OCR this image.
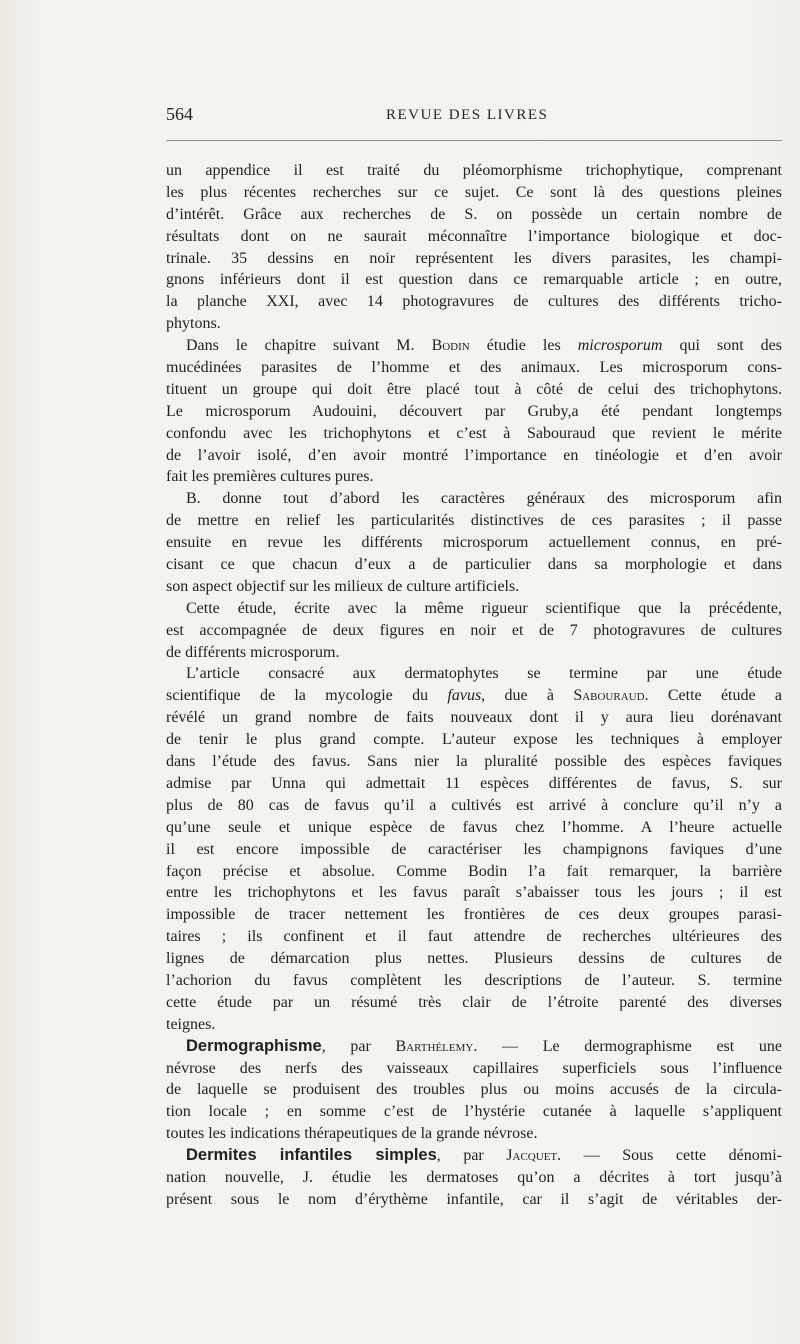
564	REVUE DES LIVRES
un appendice il est traité du pléomorphisme trichophytique, comprenant
les plus récentes recherches sur ce sujet. Ce sont là des questions pleines
d’intérêt. Grâce aux recherches de S. on possède un certain nombre de
résultats dont on ne saurait méconnaître l’importance biologique et doc-
trinale. 35 dessins en noir représentent les divers parasites, les champi-
gnons inférieurs dont il est question dans ce remarquable article ; en outre,
la planche XXI, avec 14 photogravures de cultures des différents tricho-
phytons.
Dans le chapitre suivant M. Bodin étudie les microsporum qui sont des
mucédinées parasites de l’homme et des animaux. Les microsporum cons-
tituent un groupe qui doit être placé tout à côté de celui des trichophytons.
Le microsporum Audouini, découvert par Gruby,a été pendant longtemps
confondu avec les trichophytons et c’est à Sabouraud que revient le mérite
de l’avoir isolé, d’en avoir montré l’importance en tinéologie et d’en avoir
fait les premières cultures pures.
B. donne tout d’abord les caractères généraux des microsporum afin
de mettre en relief les particularités distinctives de ces parasites ; il passe
ensuite en revue les différents microsporum actuellement connus, en pré-
cisant ce que chacun d’eux a de particulier dans sa morphologie et dans
son aspect objectif sur les milieux de culture artificiels.
Cette étude, écrite avec la même rigueur scientifique que la précédente,
est accompagnée de deux figures en noir et de 7 photogravures de cultures
de différents microsporum.
L’article consacré aux dermatophytes se termine par une étude
scientifique de la mycologie du favus, due à Sabouraud. Cette étude a
révélé un grand nombre de faits nouveaux dont il y aura lieu dorénavant
de tenir le plus grand compte. L’auteur expose les techniques à employer
dans l’étude des favus. Sans nier la pluralité possible des espèces faviques
admise par Unna qui admettait 11 espèces différentes de favus, S. sur
plus de 80 cas de favus qu’il a cultivés est arrivé à conclure qu’il n’y a
qu’une seule et unique espèce de favus chez l’homme. A l’heure actuelle
il est encore impossible de caractériser les champignons faviques d’une
façon précise et absolue. Comme Bodin l’a fait remarquer, la barrière
entre les trichophytons et les favus paraît s’abaisser tous les jours ; il est
impossible de tracer nettement les frontières de ces deux groupes parasi-
taires ; ils confinent et il faut attendre de recherches ultérieures des
lignes de démarcation plus nettes. Plusieurs dessins de cultures de
l’achorion du favus complètent les descriptions de l’auteur. S. termine
cette étude par un résumé très clair de l’étroite parenté des diverses
teignes.
Dermographisme, par Barthélemy. — Le dermographisme est une
névrose des nerfs des vaisseaux capillaires superficiels sous l’influence
de laquelle se produisent des troubles plus ou moins accusés de la circula-
tion locale ; en somme c’est de l’hystérie cutanée à laquelle s’appliquent
toutes les indications thérapeutiques de la grande névrose.
Dermites infantiles simples, par Jacquet. — Sous cette dénomi-
nation nouvelle, J. étudie les dermatoses qu’on a décrites à tort jusqu’à
présent sous le nom d’érythème infantile, car il s’agit de véritables der-
